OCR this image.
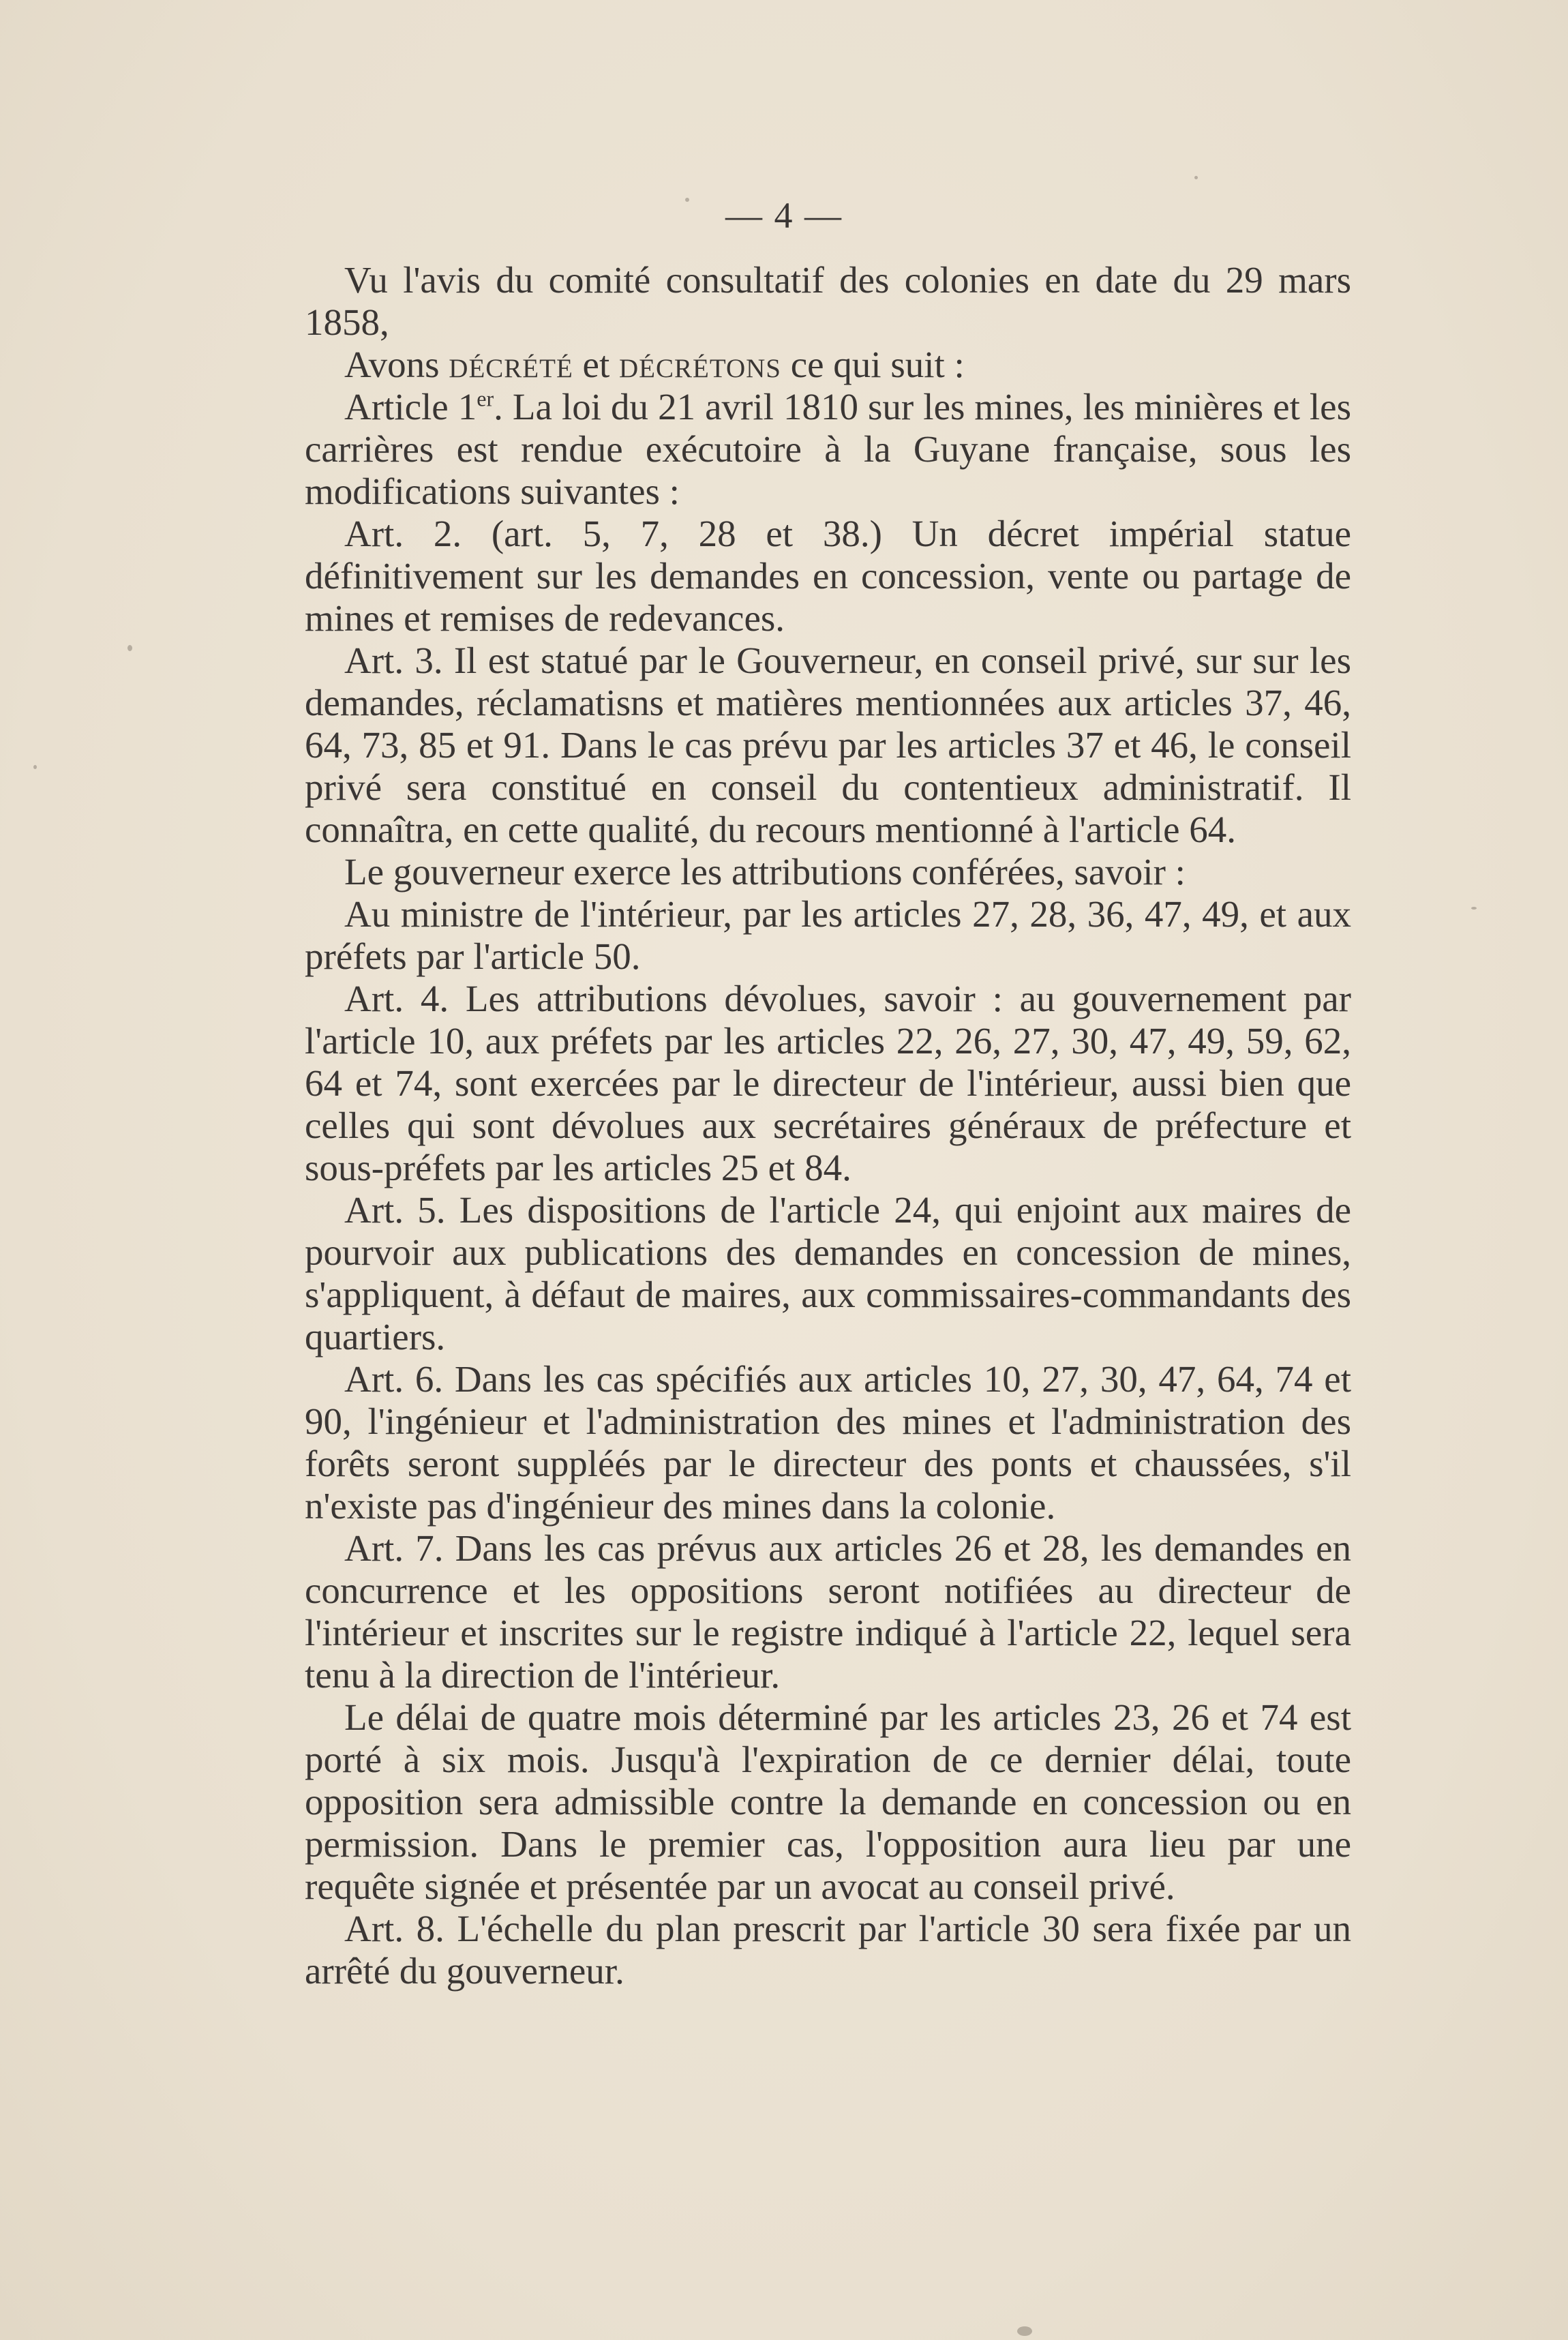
— 4 —

Vu l'avis du comité consultatif des colonies en date du 29 mars 1858,

Avons décrété et décrétons ce qui suit :

Article 1er. La loi du 21 avril 1810 sur les mines, les minières et les carrières est rendue exécutoire à la Guyane française, sous les modifications suivantes :

Art. 2. (art. 5, 7, 28 et 38.) Un décret impérial statue définitivement sur les demandes en concession, vente ou partage de mines et remises de redevances.

Art. 3. Il est statué par le Gouverneur, en conseil privé, sur sur les demandes, réclamatisns et matières mentionnées aux articles 37, 46, 64, 73, 85 et 91. Dans le cas prévu par les articles 37 et 46, le conseil privé sera constitué en conseil du contentieux administratif. Il connaîtra, en cette qualité, du recours mentionné à l'article 64.

Le gouverneur exerce les attributions conférées, savoir :

Au ministre de l'intérieur, par les articles 27, 28, 36, 47, 49, et aux préfets par l'article 50.

Art. 4. Les attributions dévolues, savoir : au gouvernement par l'article 10, aux préfets par les articles 22, 26, 27, 30, 47, 49, 59, 62, 64 et 74, sont exercées par le directeur de l'intérieur, aussi bien que celles qui sont dévolues aux secrétaires généraux de préfecture et sous-préfets par les articles 25 et 84.

Art. 5. Les dispositions de l'article 24, qui enjoint aux maires de pourvoir aux publications des demandes en concession de mines, s'appliquent, à défaut de maires, aux commissaires-commandants des quartiers.

Art. 6. Dans les cas spécifiés aux articles 10, 27, 30, 47, 64, 74 et 90, l'ingénieur et l'administration des mines et l'administration des forêts seront suppléés par le directeur des ponts et chaussées, s'il n'existe pas d'ingénieur des mines dans la colonie.

Art. 7. Dans les cas prévus aux articles 26 et 28, les demandes en concurrence et les oppositions seront notifiées au directeur de l'intérieur et inscrites sur le registre indiqué à l'article 22, lequel sera tenu à la direction de l'intérieur.

Le délai de quatre mois déterminé par les articles 23, 26 et 74 est porté à six mois. Jusqu'à l'expiration de ce dernier délai, toute opposition sera admissible contre la demande en concession ou en permission. Dans le premier cas, l'opposition aura lieu par une requête signée et présentée par un avocat au conseil privé.

Art. 8. L'échelle du plan prescrit par l'article 30 sera fixée par un arrêté du gouverneur.
